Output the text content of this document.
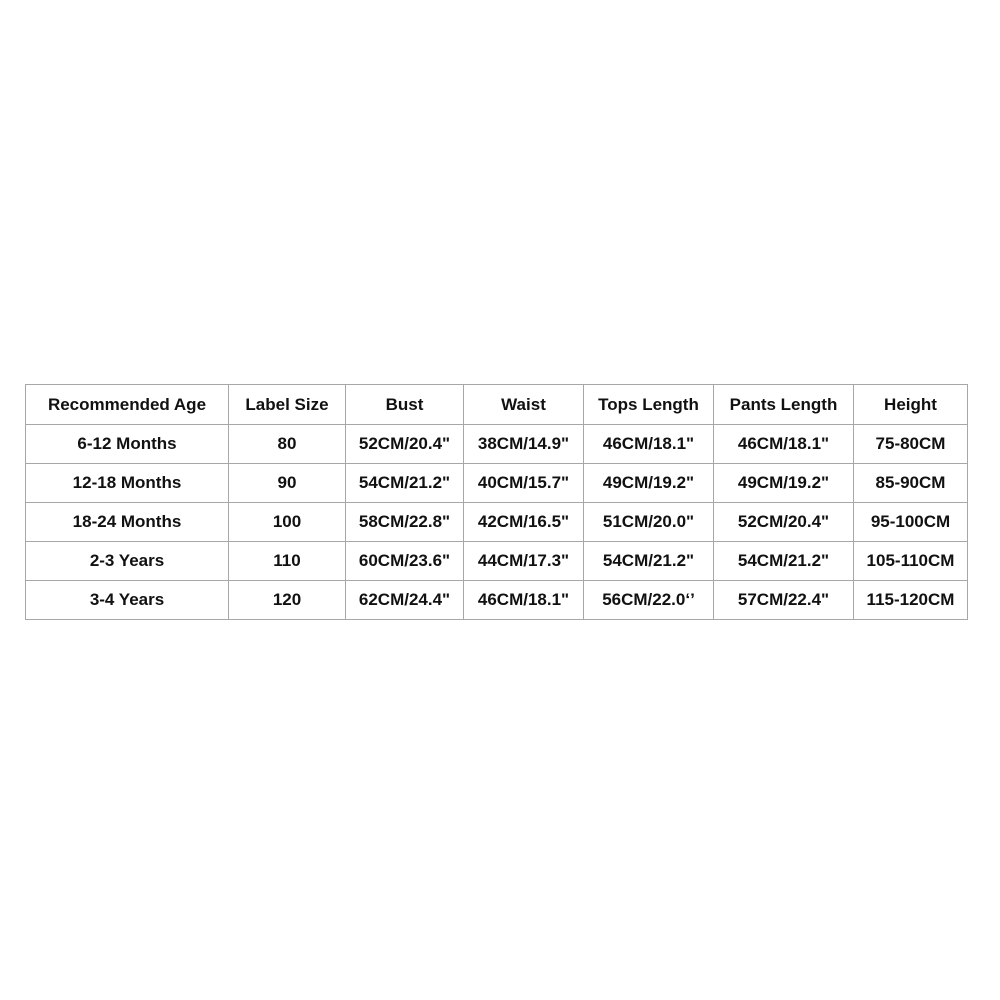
Recommended Age	Label Size	Bust	Waist	Tops Length	Pants Length	Height
6-12 Months	80	52CM/20.4"	38CM/14.9"	46CM/18.1"	46CM/18.1"	75-80CM
12-18 Months	90	54CM/21.2"	40CM/15.7"	49CM/19.2"	49CM/19.2"	85-90CM
18-24 Months	100	58CM/22.8"	42CM/16.5"	51CM/20.0"	52CM/20.4"	95-100CM
2-3 Years	110	60CM/23.6"	44CM/17.3"	54CM/21.2"	54CM/21.2"	105-110CM
3-4 Years	120	62CM/24.4"	46CM/18.1"	56CM/22.0‘’	57CM/22.4"	115-120CM
